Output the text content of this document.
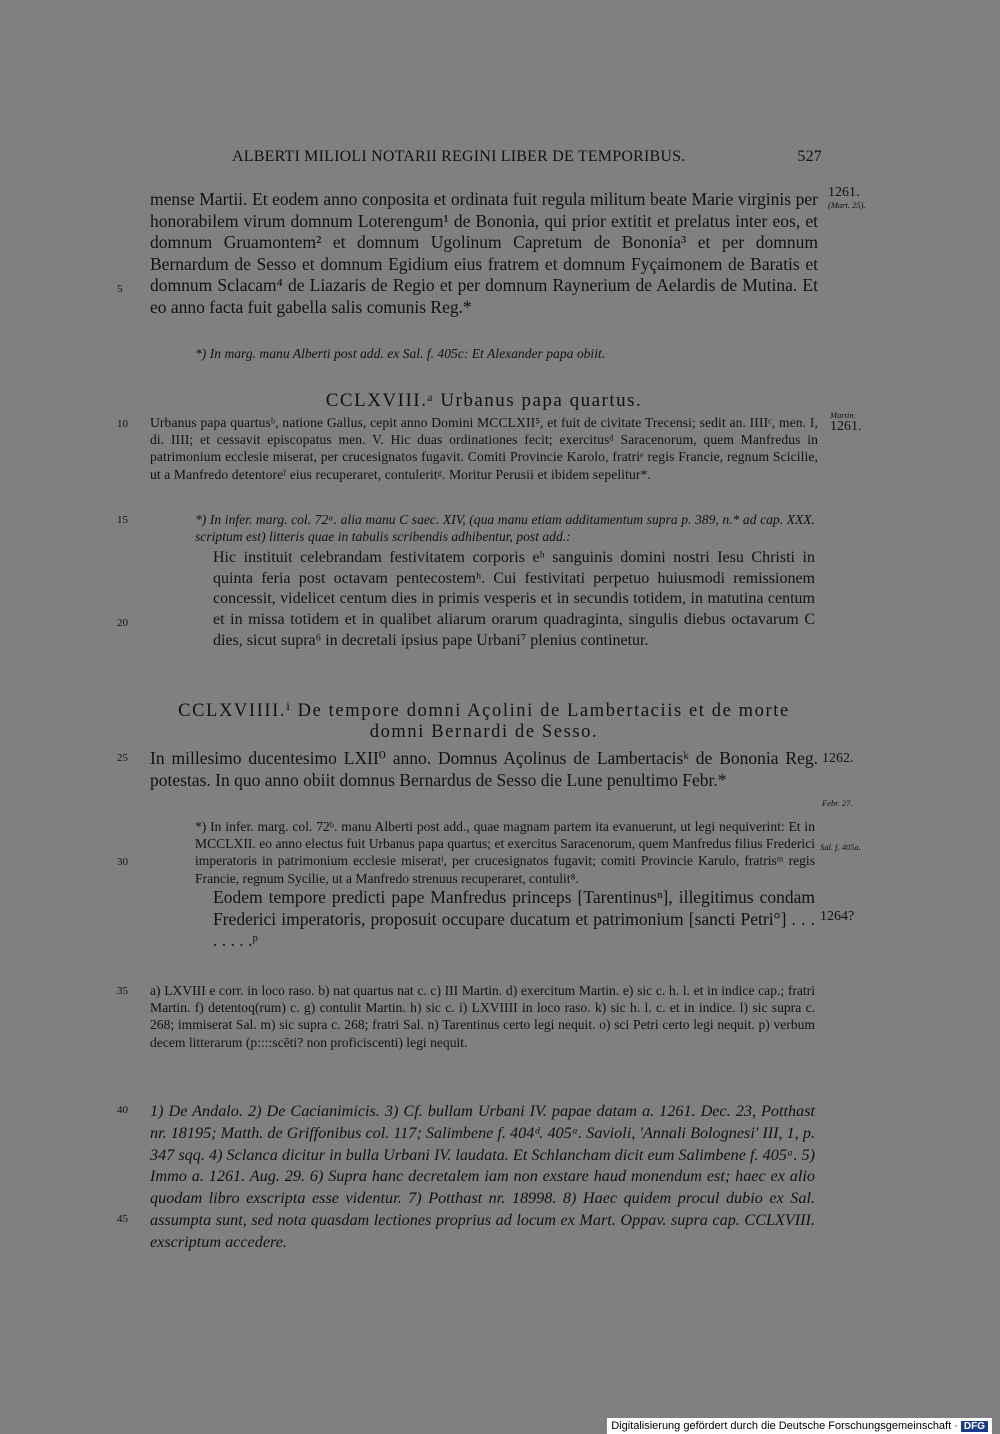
ALBERTI MILIOLI NOTARII REGINI LIBER DE TEMPORIBUS.	527
1261.
(Mart. 25).
Martin.
1261.
1262.
Febr. 27.
Sal. f. 405a.
1264?
5
10
15
20
25
30
35
40
45
mense Martii. Et eodem anno conposita et ordinata fuit regula militum beate Marie virginis per honorabilem virum domnum Loterengum¹ de Bononia, qui prior extitit et prelatus inter eos, et domnum Gruamontem² et domnum Ugolinum Capretum de Bononia³ et per domnum Bernardum de Sesso et domnum Egidium eius fratrem et domnum Fyçaimonem de Baratis et domnum Sclacam⁴ de Liazaris de Regio et per domnum Raynerium de Aelardis de Mutina. Et eo anno facta fuit gabella salis comunis Reg.*
*) In marg. manu Alberti post add. ex Sal. f. 405c: Et Alexander papa obiit.
CCLXVIII.ᵃ Urbanus papa quartus.
Urbanus papa quartusᵇ, natione Gallus, cepit anno Domini MCCLXII⁵, et fuit de civitate Trecensi; sedit an. IIIIᶜ, men. I, di. IIII; et cessavit episcopatus men. V. Hic duas ordinationes fecit; exercitusᵈ Saracenorum, quem Manfredus in patrimonium ecclesie miserat, per crucesignatos fugavit. Comiti Provincie Karolo, fratriᵉ regis Francie, regnum Scicilie, ut a Manfredo detentoreᶠ eius recuperaret, contuleritᵍ. Moritur Perusii et ibidem sepelitur*.
*) In infer. marg. col. 72ᵃ. alia manu C saec. XIV, (qua manu etiam additamentum supra p. 389, n.* ad cap. XXX. scriptum est) litteris quae in tabulis scribendis adhibentur, post add.:
Hic instituit celebrandam festivitatem corporis eʰ sanguinis domini nostri Iesu Christi in quinta feria post octavam pentecostemʰ. Cui festivitati perpetuo huiusmodi remissionem concessit, videlicet centum dies in primis vesperis et in secundis totidem, in matutina centum et in missa totidem et in qualibet aliarum orarum quadraginta, singulis diebus octavarum C dies, sicut supra⁶ in decretali ipsius pape Urbani⁷ plenius continetur.
CCLXVIIII.ⁱ De tempore domni Açolini de Lambertaciis et de morte
domni Bernardi de Sesso.
In millesimo ducentesimo LXII⁰ anno. Domnus Açolinus de Lambertacisᵏ de Bononia Reg. potestas. In quo anno obiit domnus Bernardus de Sesso die Lune penultimo Febr.*
*) In infer. marg. col. 72ᵇ. manu Alberti post add., quae magnam partem ita evanuerunt, ut legi nequiverint: Et in MCCLXII. eo anno electus fuit Urbanus papa quartus; et exercitus Saracenorum, quem Manfredus filius Frederici imperatoris in patrimonium ecclesie miseratˡ, per crucesignatos fugavit; comiti Provincie Karulo, fratrisᵐ regis Francie, regnum Sycilie, ut a Manfredo strenuus recuperaret, contulit⁸.
Eodem tempore predicti pape Manfredus princeps [Tarentinusⁿ], illegitimus condam Frederici imperatoris, proposuit occupare ducatum et patrimonium [sancti Petri°] . . . . . . . .ᵖ
a) LXVIII e corr. in loco raso. b) nat quartus nat c. c) III Martin. d) exercitum Martin. e) sic c. h. l. et in indice cap.; fratri Martin. f) detentoq(rum) c. g) contulit Martin. h) sic c. i) LXVIIII in loco raso. k) sic h. l. c. et in indice. l) sic supra c. 268; immiserat Sal. m) sic supra c. 268; fratri Sal. n) Tarentinus certo legi nequit. o) sci Petri certo legi nequit. p) verbum decem litterarum (p::::scēti? non proficiscenti) legi nequit.
1) De Andalo. 2) De Cacianimicis. 3) Cf. bullam Urbani IV. papae datam a. 1261. Dec. 23, Potthast nr. 18195; Matth. de Griffonibus col. 117; Salimbene f. 404ᵈ. 405ᵃ. Savioli, 'Annali Bolognesi' III, 1, p. 347 sqq. 4) Sclanca dicitur in bulla Urbani IV. laudata. Et Schlancham dicit eum Salimbene f. 405ᵃ. 5) Immo a. 1261. Aug. 29. 6) Supra hanc decretalem iam non exstare haud monendum est; haec ex alio quodam libro exscripta esse videntur. 7) Potthast nr. 18998. 8) Haec quidem procul dubio ex Sal. assumpta sunt, sed nota quasdam lectiones proprius ad locum ex Mart. Oppav. supra cap. CCLXVIII. exscriptum accedere.
Digitalisierung gefördert durch die Deutsche Forschungsgemeinschaft · DFG
